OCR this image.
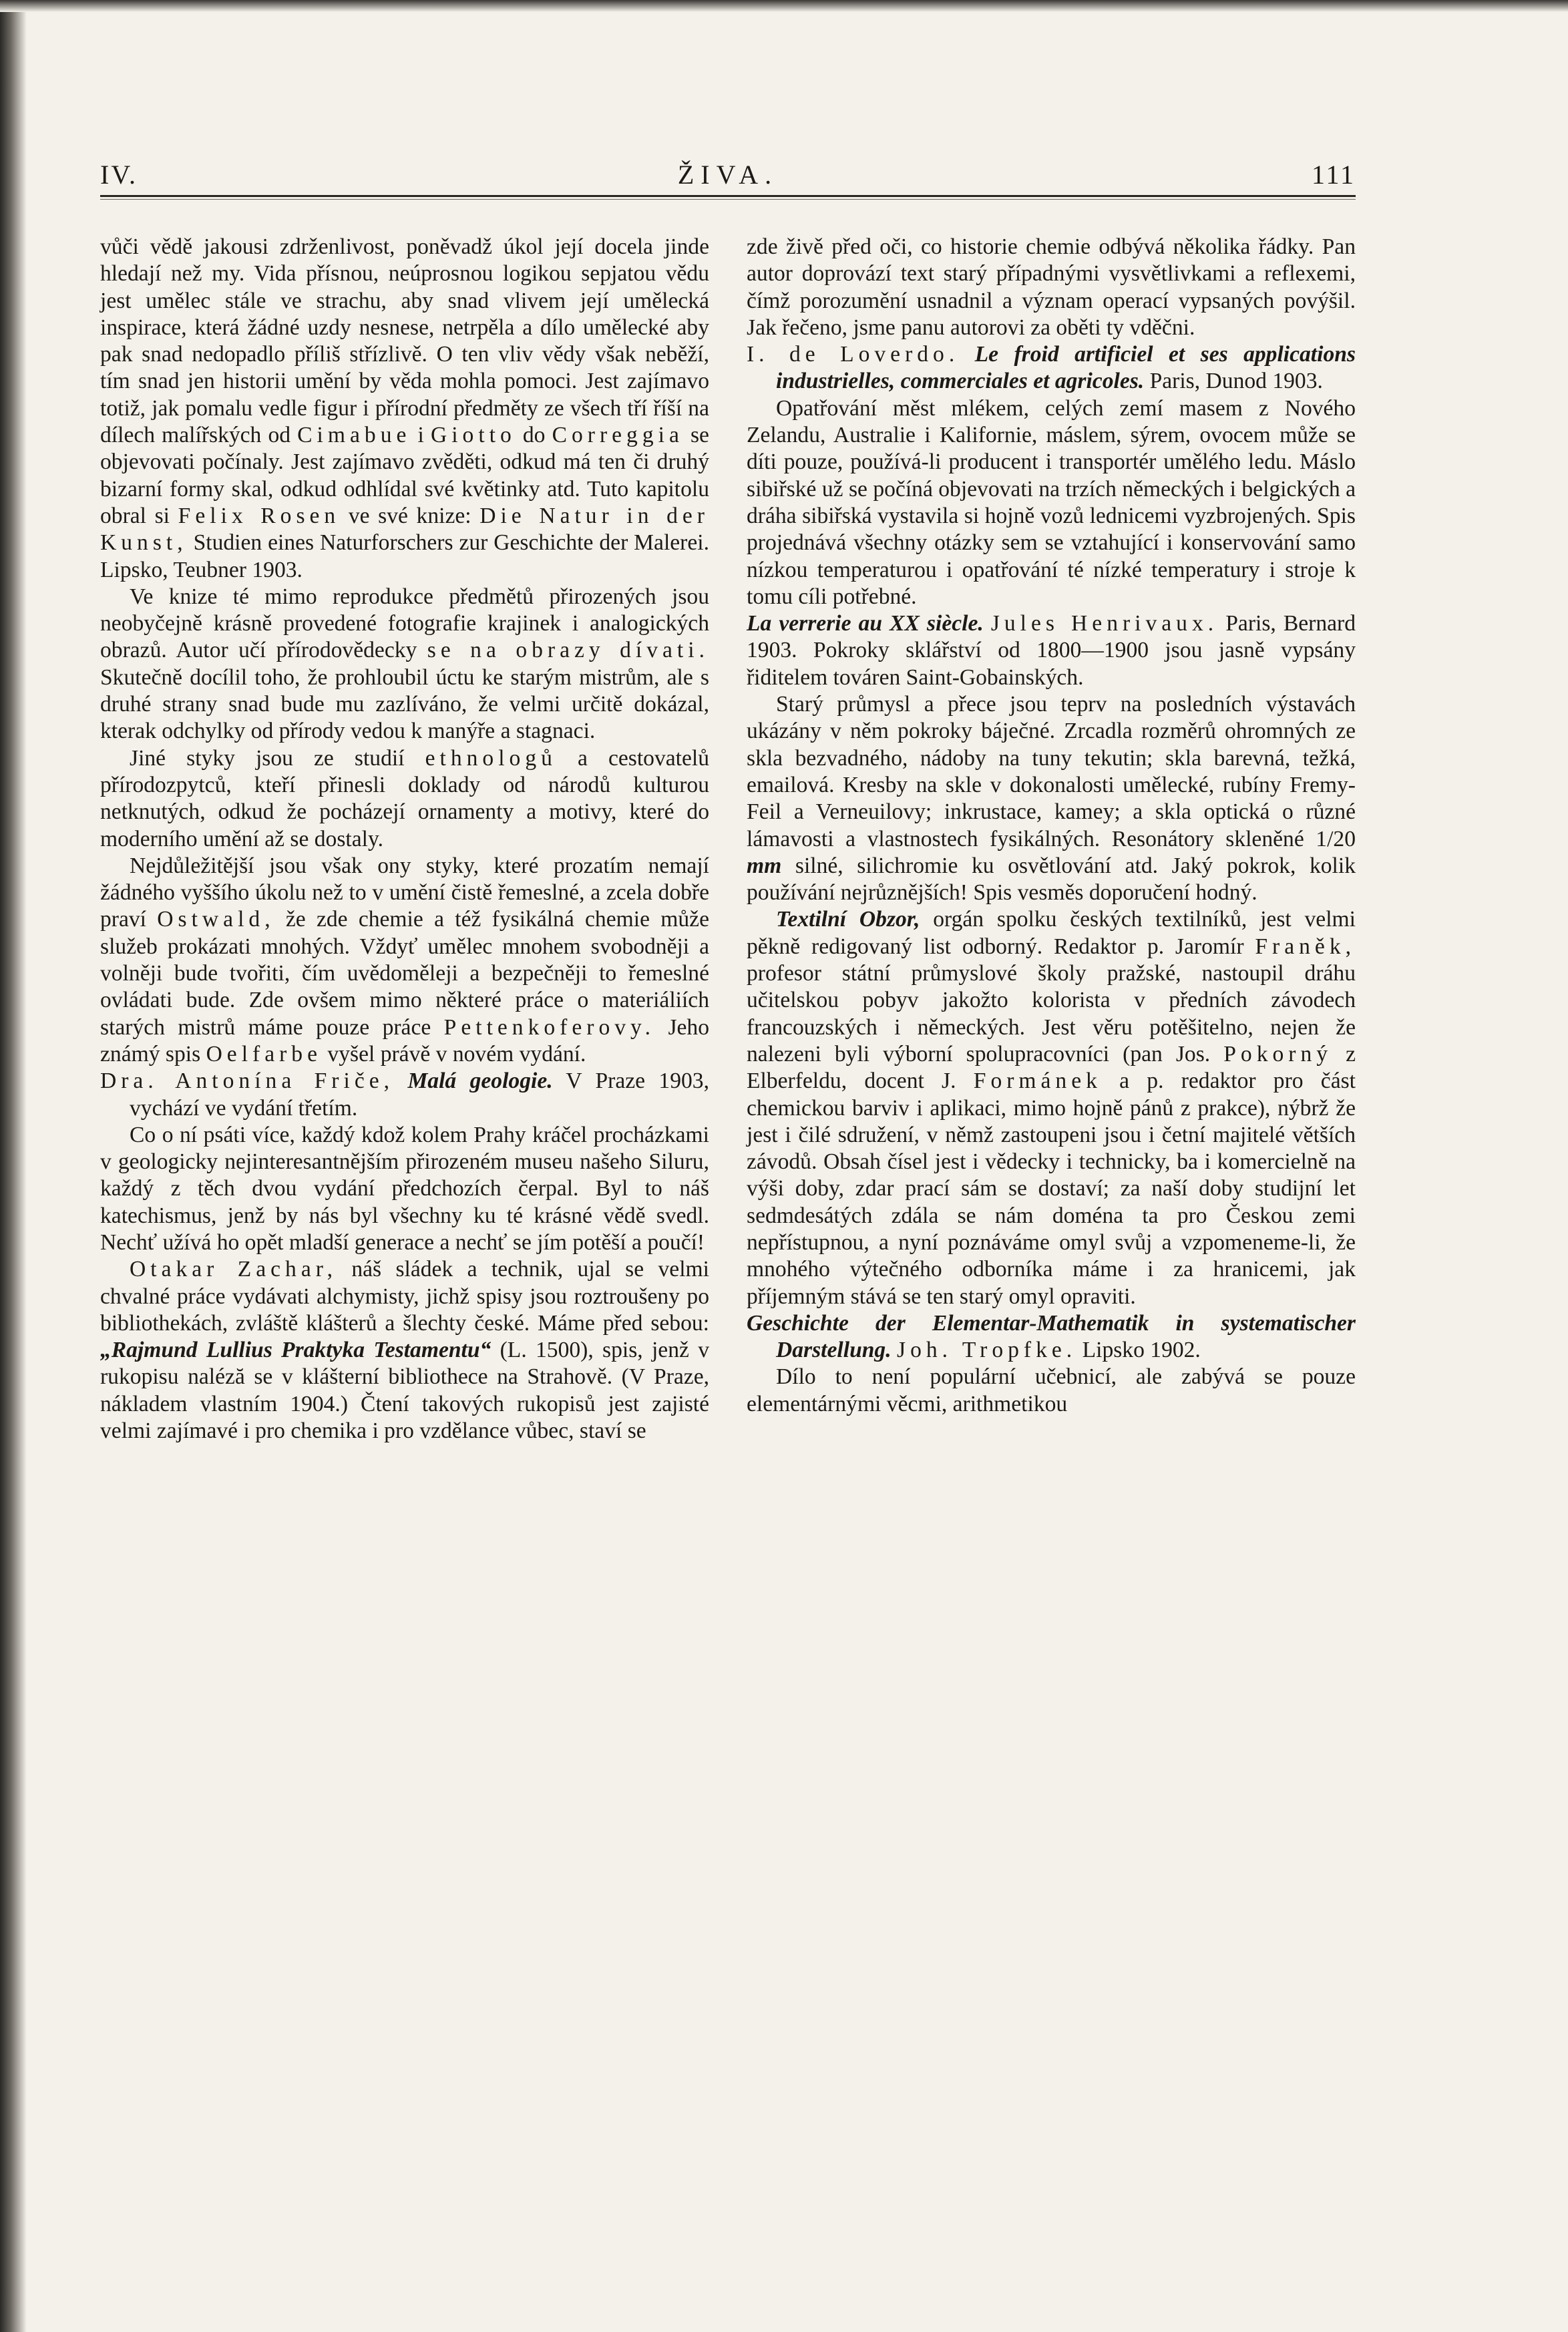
IV.	ŽIVA.	111

vůči vědě jakousi zdrženlivost, poněvadž úkol její docela jinde hledají než my. Vida přísnou, neúprosnou logikou sepjatou vědu jest umělec stále ve strachu, aby snad vlivem její umělecká inspirace, která žádné uzdy nesnese, netrpěla a dílo umělecké aby pak snad nedopadlo příliš střízlivě. O ten vliv vědy však neběží, tím snad jen historii umění by věda mohla pomoci. Jest zajímavo totiž, jak pomalu vedle figur i přírodní předměty ze všech tří říší na dílech malířských od Cimabue i Giotto do Correggia se objevovati počínaly. Jest zajímavo zvěděti, odkud má ten či druhý bizarní formy skal, odkud odhlídal své květinky atd. Tuto kapitolu obral si Felix Rosen ve své knize: Die Natur in der Kunst, Studien eines Naturforschers zur Geschichte der Malerei. Lipsko, Teubner 1903.

Ve knize té mimo reprodukce předmětů přirozených jsou neobyčejně krásně provedené fotografie krajinek i analogických obrazů. Autor učí přírodovědecky se na obrazy dívati. Skutečně docílil toho, že prohloubil úctu ke starým mistrům, ale s druhé strany snad bude mu zazlíváno, že velmi určitě dokázal, kterak odchylky od přírody vedou k manýře a stagnaci.

Jiné styky jsou ze studií ethnologů a cestovatelů přírodozpytců, kteří přinesli doklady od národů kulturou netknutých, odkud že pocházejí ornamenty a motivy, které do moderního umění až se dostaly.

Nejdůležitější jsou však ony styky, které prozatím nemají žádného vyššího úkolu než to v umění čistě řemeslné, a zcela dobře praví Ostwald, že zde chemie a též fysikálná chemie může služeb prokázati mnohých. Vždyť umělec mnohem svobodněji a volněji bude tvořiti, čím uvědoměleji a bezpečněji to řemeslné ovládati bude. Zde ovšem mimo některé práce o materiáliích starých mistrů máme pouze práce Pettenkoferovy. Jeho známý spis Oelfarbe vyšel právě v novém vydání.

Dra. Antonína Friče, Malá geologie. V Praze 1903, vychází ve vydání třetím.

Co o ní psáti více, každý kdož kolem Prahy kráčel procházkami v geologicky nejinteresantnějším přirozeném museu našeho Siluru, každý z těch dvou vydání předchozích čerpal. Byl to náš katechismus, jenž by nás byl všechny ku té krásné vědě svedl. Nechť užívá ho opět mladší generace a nechť se jím potěší a poučí!

Otakar Zachar, náš sládek a technik, ujal se velmi chvalné práce vydávati alchymisty, jichž spisy jsou roztroušeny po bibliothekách, zvláště klášterů a šlechty české. Máme před sebou: „Rajmund Lullius Praktyka Testamentu“ (L. 1500), spis, jenž v rukopisu naléză se v klášterní bibliothece na Strahově. (V Praze, nákladem vlastním 1904.) Čtení takových rukopisů jest zajisté velmi zajímavé i pro chemika i pro vzdělance vůbec, staví se

zde živě před oči, co historie chemie odbývá několika řádky. Pan autor doprovází text starý případnými vysvětlivkami a reflexemi, čímž porozumění usnadnil a význam operací vypsaných povýšil. Jak řečeno, jsme panu autorovi za oběti ty vděčni.

I. de Loverdo. Le froid artificiel et ses applications industrielles, commerciales et agricoles. Paris, Dunod 1903.

Opatřování měst mlékem, celých zemí masem z Nového Zelandu, Australie i Kalifornie, máslem, sýrem, ovocem může se díti pouze, používá-li producent i transportér umělého ledu. Máslo sibiřské už se počíná objevovati na trzích německých i belgických a dráha sibiřská vystavila si hojně vozů lednicemi vyzbrojených. Spis projednává všechny otázky sem se vztahující i konservování samo nízkou temperaturou i opatřování té nízké temperatury i stroje k tomu cíli potřebné.

La verrerie au XX siècle. Jules Henrivaux. Paris, Bernard 1903. Pokroky sklářství od 1800—1900 jsou jasně vypsány řiditelem továren Saint-Gobainských.

Starý průmysl a přece jsou teprv na posledních výstavách ukázány v něm pokroky báječné. Zrcadla rozměrů ohromných ze skla bezvadného, nádoby na tuny tekutin; skla barevná, težká, emailová. Kresby na skle v dokonalosti umělecké, rubíny Fremy-Feil a Verneuilovy; inkrustace, kamey; a skla optická o různé lámavosti a vlastnostech fysikálných. Resonátory skleněné 1/20 mm silné, silichromie ku osvětlování atd. Jaký pokrok, kolik používání nejrůznějších! Spis vesměs doporučení hodný.

Textilní Obzor, orgán spolku českých textilníků, jest velmi pěkně redigovaný list odborný. Redaktor p. Jaromír Franěk, profesor státní průmyslové školy pražské, nastoupil dráhu učitelskou pobyv jakožto kolorista v předních závodech francouzských i německých. Jest věru potěšitelno, nejen že nalezeni byli výborní spolupracovníci (pan Jos. Pokorný z Elberfeldu, docent J. Formánek a p. redaktor pro část chemickou barviv i aplikaci, mimo hojně pánů z prakce), nýbrž že jest i čilé sdružení, v němž zastoupeni jsou i četní majitelé větších závodů. Obsah čísel jest i vědecky i technicky, ba i komercielně na výši doby, zdar prací sám se dostaví; za naší doby studijní let sedmdesátých zdála se nám doména ta pro Českou zemi nepřístupnou, a nyní poznáváme omyl svůj a vzpomeneme-li, že mnohého výtečného odborníka máme i za hranicemi, jak příjemným stává se ten starý omyl opraviti.

Geschichte der Elementar-Mathematik in systematischer Darstellung. Joh. Tropfke. Lipsko 1902.

Dílo to není populární učebnicí, ale zabývá se pouze elementárnými věcmi, arithmetikou
